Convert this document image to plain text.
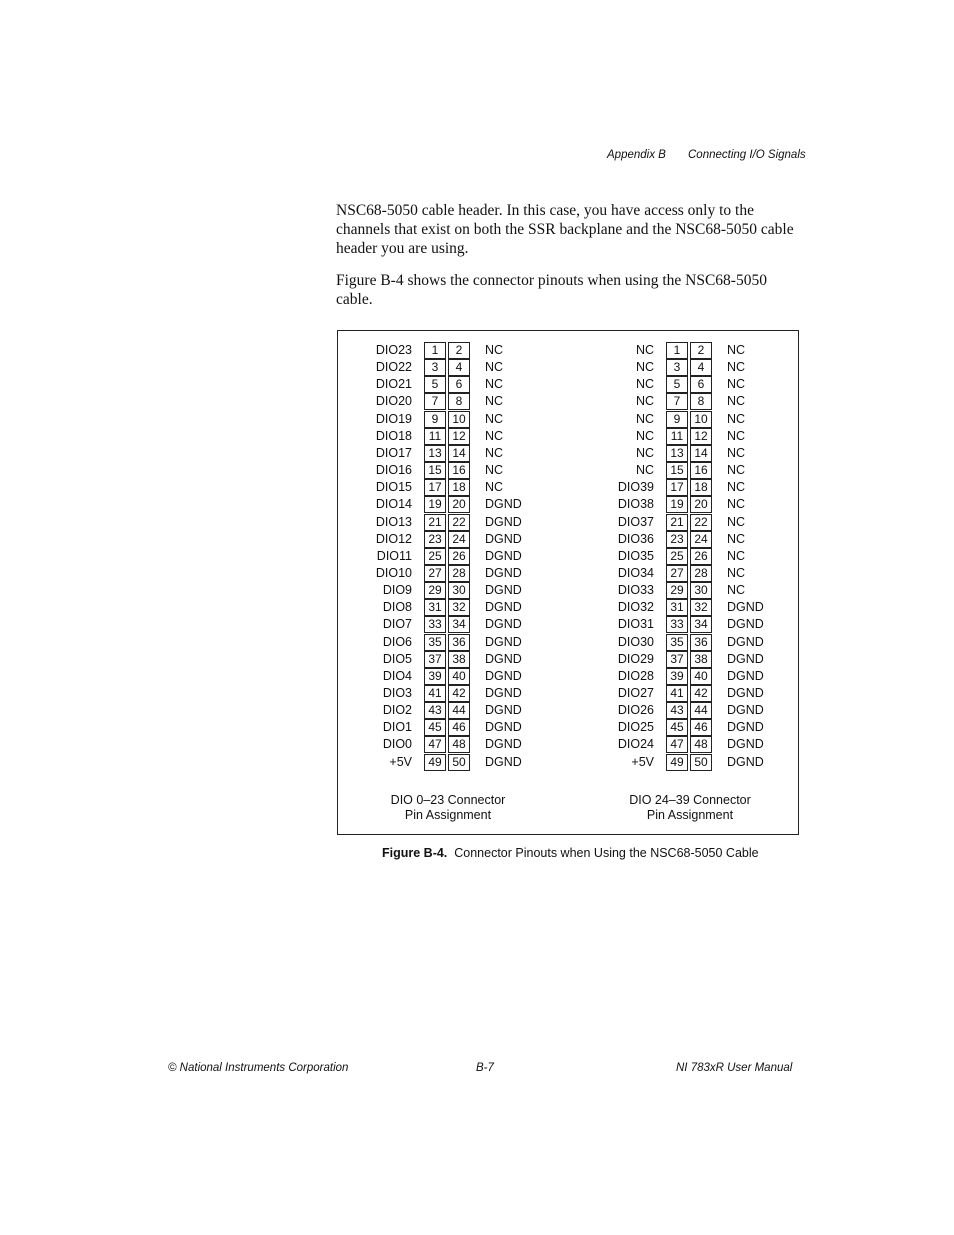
Appendix B Connecting I/O Signals

NSC68-5050 cable header. In this case, you have access only to the channels that exist on both the SSR backplane and the NSC68-5050 cable header you are using.

Figure B-4 shows the connector pinouts when using the NSC68-5050 cable.

DIO 0–23 Connector
Pin Assignment
DIO 24–39 Connector
Pin Assignment
DIO23	1	2	NC
DIO22	3	4	NC
DIO21	5	6	NC
DIO20	7	8	NC
DIO19	9	10	NC
DIO18	11 12	NC
DIO17	13 14	NC
DIO16	15 16	NC
DIO15	17 18	NC
DIO14	19 20	DGND
DIO13	21 22	DGND
DIO12	23 24	DGND
DIO11	25 26	DGND
DIO10	27 28	DGND
DIO9	29 30	DGND
DIO8	31 32	DGND
DIO7	33 34	DGND
DIO6	35 36	DGND
DIO5	37 38	DGND
DIO4	39 40	DGND
DIO3	41 42	DGND
DIO2	43 44	DGND
DIO1	45 46	DGND
DIO0	47 48	DGND
+5V	49 50	DGND
NC	1	2	NC
NC	3	4	NC
NC	5	6	NC
NC	7	8	NC
NC	9	10	NC
NC	11 12	NC
NC	13 14	NC
NC	15 16	NC
DIO39	17 18	NC
DIO38	19 20	NC
DIO37	21 22	NC
DIO36	23 24	NC
DIO35	25 26	NC
DIO34	27 28	NC
DIO33	29 30	NC
DIO32	31 32	DGND
DIO31	33 34	DGND
DIO30	35 36	DGND
DIO29	37 38	DGND
DIO28	39 40	DGND
DIO27	41 42	DGND
DIO26	43 44	DGND
DIO25	45 46	DGND
DIO24	47 48	DGND
+5V	49 50	DGND
Figure B-4. Connector Pinouts when Using the NSC68-5050 Cable
© National Instruments Corporation	B-7	NI 783xR User Manual
